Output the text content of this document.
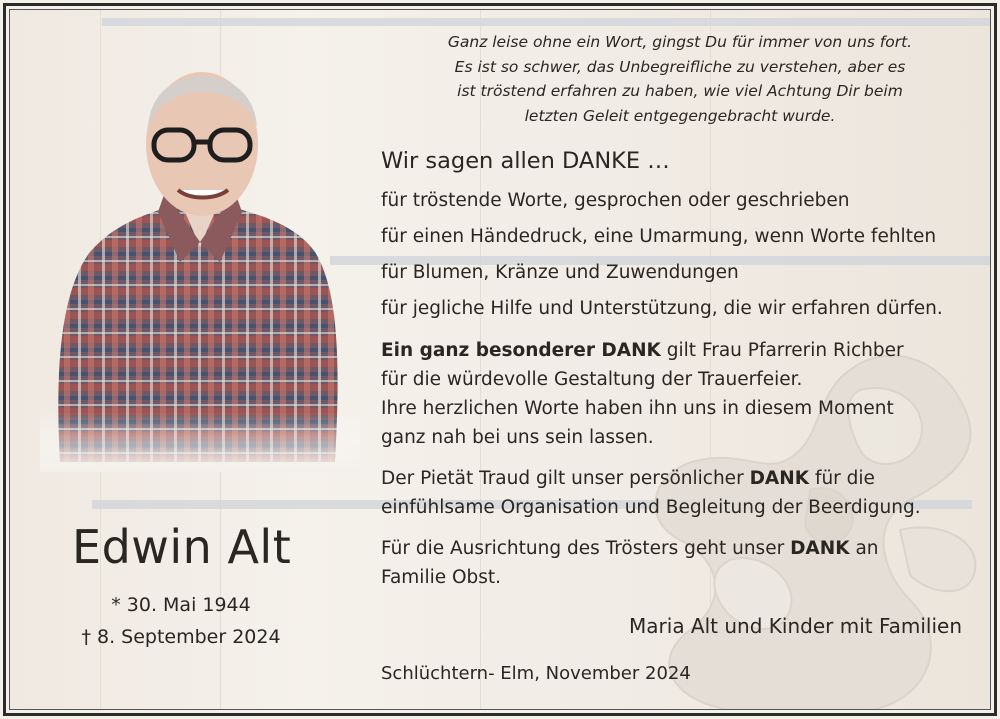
Ganz leise ohne ein Wort, gingst Du für immer von uns fort.
Es ist so schwer, das Unbegreifliche zu verstehen, aber es
ist tröstend erfahren zu haben, wie viel Achtung Dir beim
letzten Geleit entgegengebracht wurde.
Wir sagen allen DANKE …
für tröstende Worte, gesprochen oder geschrieben
für einen Händedruck, eine Umarmung, wenn Worte fehlten
für Blumen, Kränze und Zuwendungen
für jegliche Hilfe und Unterstützung, die wir erfahren dürfen.
Ein ganz besonderer DANK gilt Frau Pfarrerin Richber
für die würdevolle Gestaltung der Trauerfeier.
Ihre herzlichen Worte haben ihn uns in diesem Moment
ganz nah bei uns sein lassen.
Der Pietät Traud gilt unser persönlicher DANK für die
einfühlsame Organisation und Begleitung der Beerdigung.
Für die Ausrichtung des Trösters geht unser DANK an
Familie Obst.
Maria Alt und Kinder mit Familien
Schlüchtern- Elm, November 2024
Edwin Alt
* 30. Mai 1944
† 8. September 2024
